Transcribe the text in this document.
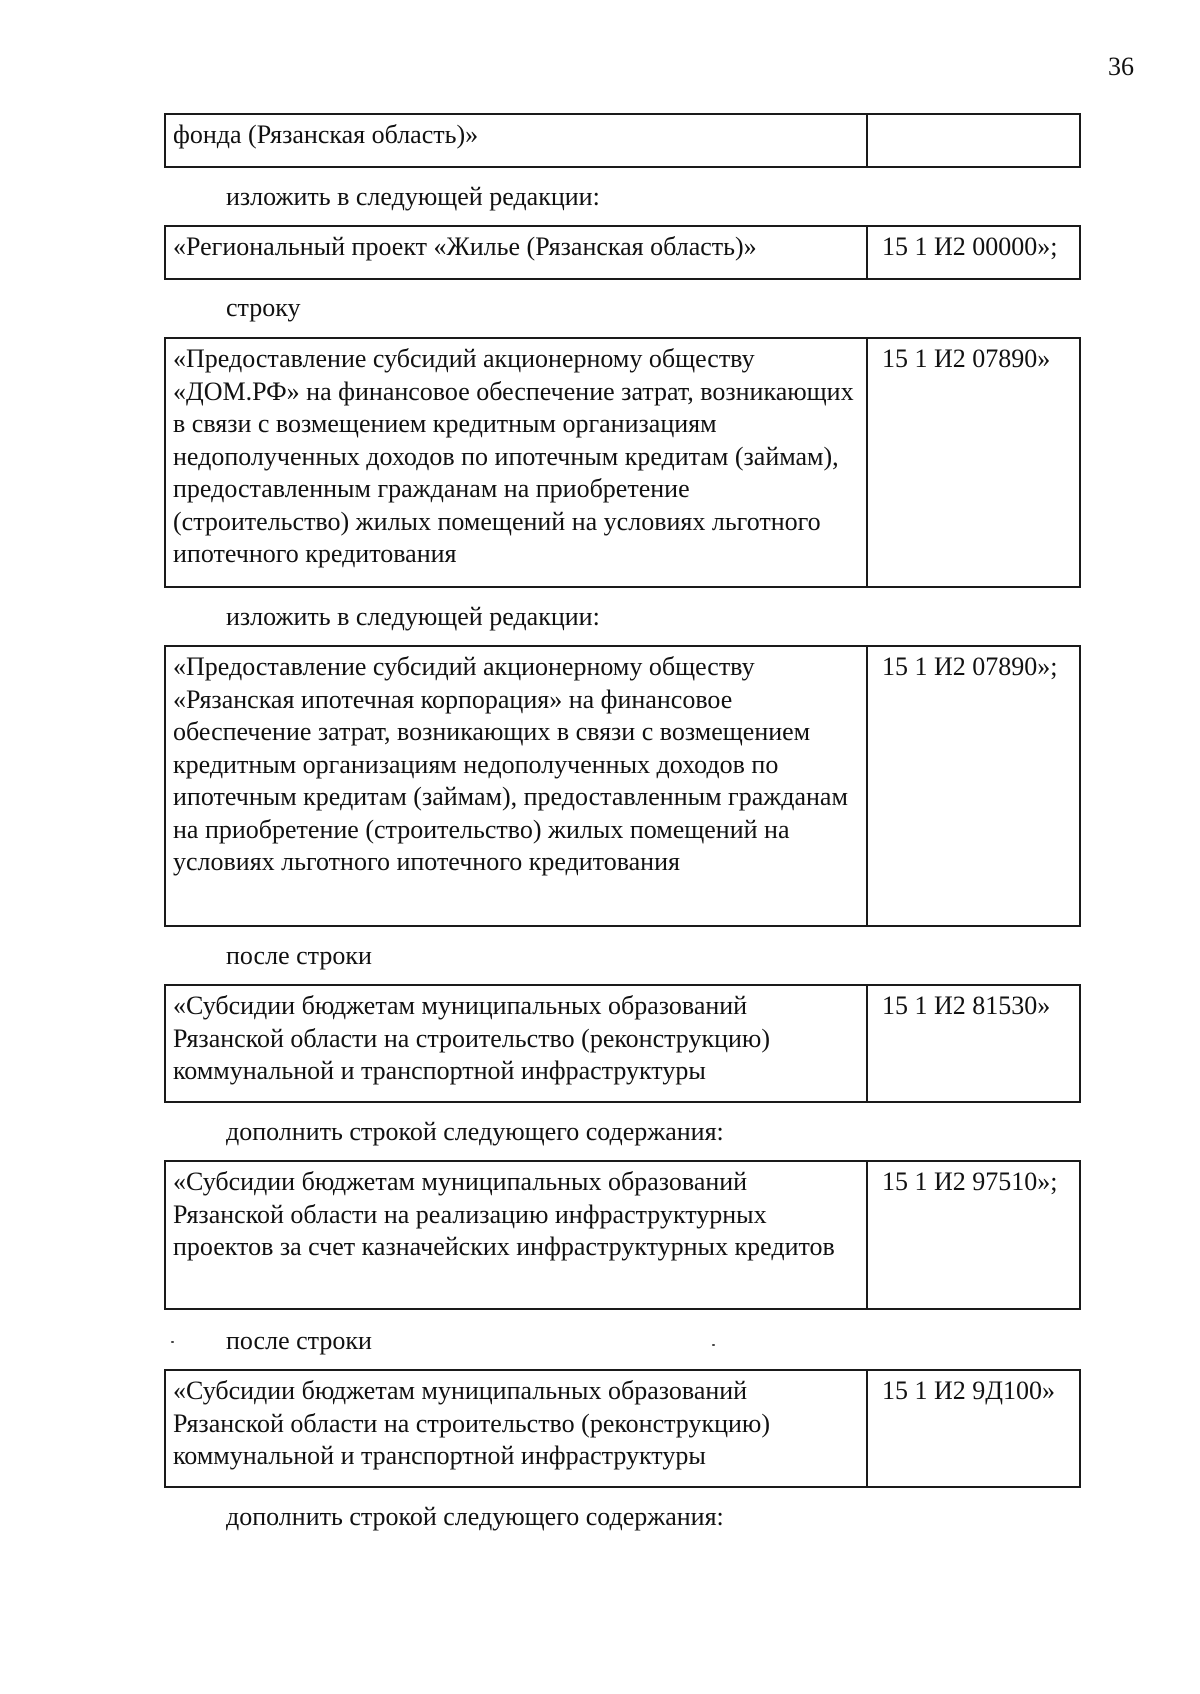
36
фонда (Рязанская область)»
изложить в следующей редакции:
«Региональный проект «Жилье (Рязанская область)»	15 1 И2 00000»;
строку
«Предоставление субсидий акционерному обществу «ДОМ.РФ» на финансовое обеспечение затрат, возникающих в связи с возмещением кредитным организациям недополученных доходов по ипотечным кредитам (займам), предоставленным гражданам на приобретение (строительство) жилых помещений на условиях льготного ипотечного кредитования
15 1 И2 07890»
изложить в следующей редакции:
«Предоставление субсидий акционерному обществу «Рязанская ипотечная корпорация» на финансовое обеспечение затрат, возникающих в связи с возмещением кредитным организациям недополученных доходов по ипотечным кредитам (займам), предоставленным гражданам на приобретение (строительство) жилых помещений на условиях льготного ипотечного кредитования
15 1 И2 07890»;
после строки
«Субсидии бюджетам муниципальных образований Рязанской области на строительство (реконструкцию) коммунальной и транспортной инфраструктуры
15 1 И2 81530»
дополнить строкой следующего содержания:
«Субсидии бюджетам муниципальных образований Рязанской области на реализацию инфраструктурных проектов за счет казначейских инфраструктурных кредитов
15 1 И2 97510»;
после строки
«Субсидии бюджетам муниципальных образований Рязанской области на строительство (реконструкцию) коммунальной и транспортной инфраструктуры
15 1 И2 9Д100»
дополнить строкой следующего содержания:
